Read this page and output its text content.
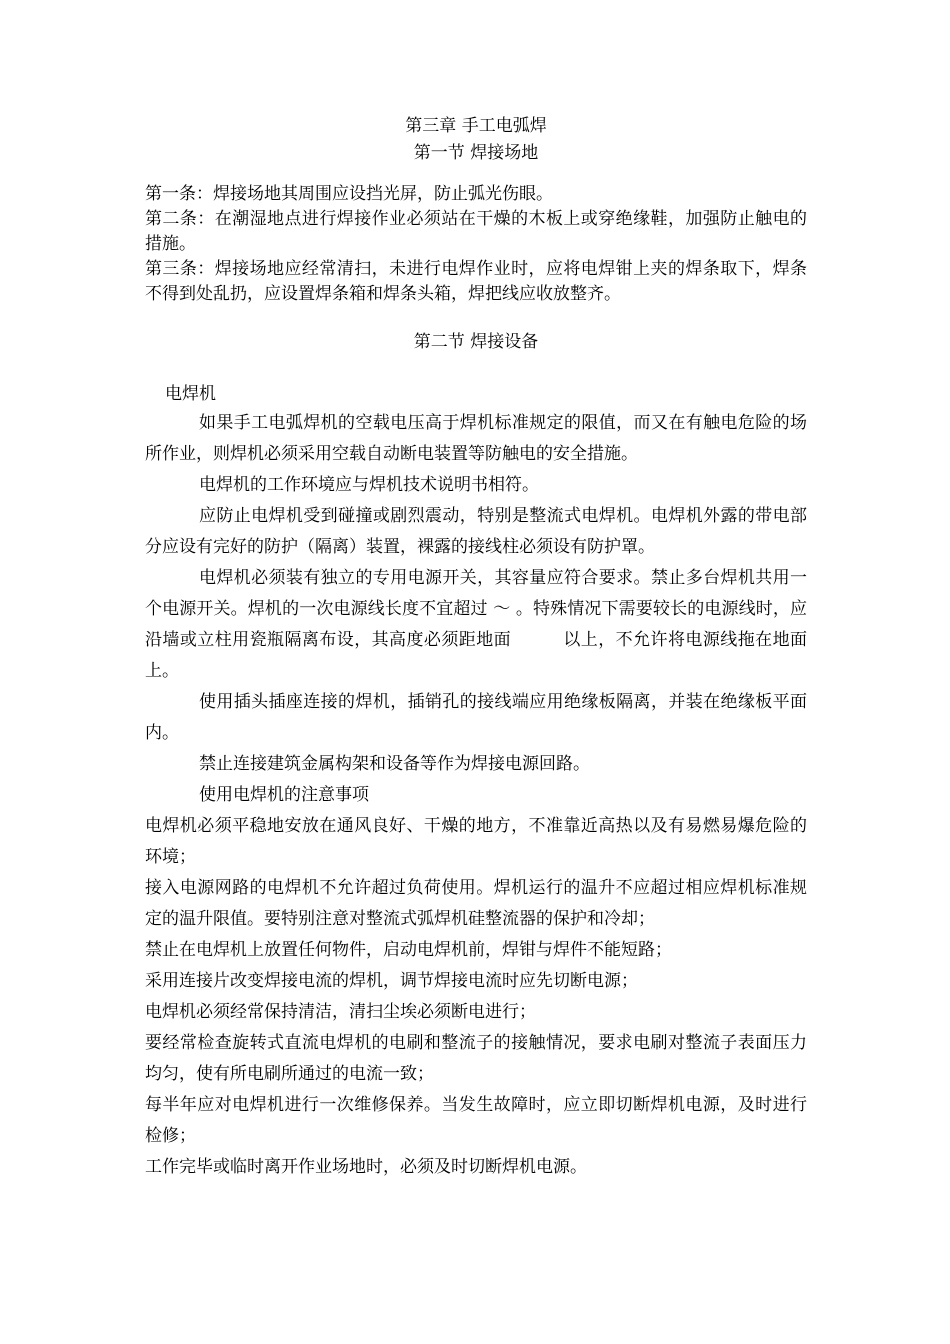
第三章 手工电弧焊
第一节 焊接场地

第一条：焊接场地其周围应设挡光屏，防止弧光伤眼。

第二条：在潮湿地点进行焊接作业必须站在干燥的木板上或穿绝缘鞋，加强防止触电的措施。

第三条：焊接场地应经常清扫，未进行电焊作业时，应将电焊钳上夹的焊条取下，焊条不得到处乱扔，应设置焊条箱和焊条头箱，焊把线应收放整齐。

第二节 焊接设备
电焊机

如果手工电弧焊机的空载电压高于焊机标准规定的限值，而又在有触电危险的场所作业，则焊机必须采用空载自动断电装置等防触电的安全措施。

电焊机的工作环境应与焊机技术说明书相符。

应防止电焊机受到碰撞或剧烈震动，特别是整流式电焊机。电焊机外露的带电部分应设有完好的防护（隔离）装置，裸露的接线柱必须设有防护罩。

电焊机必须装有独立的专用电源开关，其容量应符合要求。禁止多台焊机共用一个电源开关。焊机的一次电源线长度不宜超过 ～ 。特殊情况下需要较长的电源线时，应沿墙或立柱用瓷瓶隔离布设，其高度必须距地面　　　以上，不允许将电源线拖在地面上。

使用插头插座连接的焊机，插销孔的接线端应用绝缘板隔离，并装在绝缘板平面内。

禁止连接建筑金属构架和设备等作为焊接电源回路。

使用电焊机的注意事项

电焊机必须平稳地安放在通风良好、干燥的地方，不准靠近高热以及有易燃易爆危险的环境；

接入电源网路的电焊机不允许超过负荷使用。焊机运行的温升不应超过相应焊机标准规定的温升限值。要特别注意对整流式弧焊机硅整流器的保护和冷却；

禁止在电焊机上放置任何物件，启动电焊机前，焊钳与焊件不能短路；

采用连接片改变焊接电流的焊机，调节焊接电流时应先切断电源；

电焊机必须经常保持清洁，清扫尘埃必须断电进行；

要经常检查旋转式直流电焊机的电刷和整流子的接触情况，要求电刷对整流子表面压力均匀，使有所电刷所通过的电流一致；

每半年应对电焊机进行一次维修保养。当发生故障时，应立即切断焊机电源，及时进行检修；

工作完毕或临时离开作业场地时，必须及时切断焊机电源。
